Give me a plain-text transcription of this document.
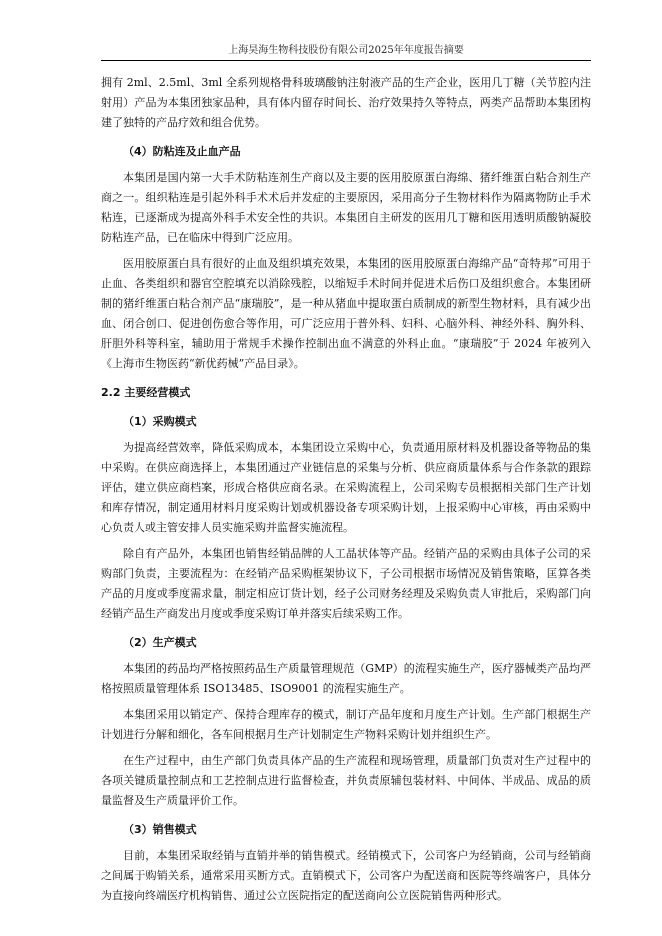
上海昊海生物科技股份有限公司2025年年度报告摘要

拥有 2ml、2.5ml、3ml 全系列规格骨科玻璃酸钠注射液产品的生产企业，医用几丁糖（关节腔内注射用）产品为本集团独家品种，具有体内留存时间长、治疗效果持久等特点，两类产品帮助本集团构建了独特的产品疗效和组合优势。

（4）防粘连及止血产品

本集团是国内第一大手术防粘连剂生产商以及主要的医用胶原蛋白海绵、猪纤维蛋白粘合剂生产商之一。组织粘连是引起外科手术术后并发症的主要原因，采用高分子生物材料作为隔离物防止手术粘连，已逐渐成为提高外科手术安全性的共识。本集团自主研发的医用几丁糖和医用透明质酸钠凝胶防粘连产品，已在临床中得到广泛应用。

医用胶原蛋白具有很好的止血及组织填充效果，本集团的医用胶原蛋白海绵产品“奇特邦”可用于止血、各类组织和器官空腔填充以消除残腔，以缩短手术时间并促进术后伤口及组织愈合。本集团研制的猪纤维蛋白粘合剂产品“康瑞胶”，是一种从猪血中提取蛋白质制成的新型生物材料，具有减少出血、闭合创口、促进创伤愈合等作用，可广泛应用于普外科、妇科、心脑外科、神经外科、胸外科、肝胆外科等科室，辅助用于常规手术操作控制出血不满意的外科止血。“康瑞胶”于 2024 年被列入《上海市生物医药“新优药械”产品目录》。

2.2 主要经营模式
（1）采购模式

为提高经营效率，降低采购成本，本集团设立采购中心，负责通用原材料及机器设备等物品的集中采购。在供应商选择上，本集团通过产业链信息的采集与分析、供应商质量体系与合作条款的跟踪评估，建立供应商档案，形成合格供应商名录。在采购流程上，公司采购专员根据相关部门生产计划和库存情况，制定通用材料月度采购计划或机器设备专项采购计划，上报采购中心审核，再由采购中心负责人或主管安排人员实施采购并监督实施流程。

除自有产品外，本集团也销售经销品牌的人工晶状体等产品。经销产品的采购由具体子公司的采购部门负责，主要流程为：在经销产品采购框架协议下，子公司根据市场情况及销售策略，匡算各类产品的月度或季度需求量，制定相应订货计划，经子公司财务经理及采购负责人审批后，采购部门向经销产品生产商发出月度或季度采购订单并落实后续采购工作。

（2）生产模式

本集团的药品均严格按照药品生产质量管理规范（GMP）的流程实施生产，医疗器械类产品均严格按照质量管理体系 ISO13485、ISO9001 的流程实施生产。

本集团采用以销定产、保持合理库存的模式，制订产品年度和月度生产计划。生产部门根据生产计划进行分解和细化，各车间根据月生产计划制定生产物料采购计划并组织生产。

在生产过程中，由生产部门负责具体产品的生产流程和现场管理，质量部门负责对生产过程中的各项关键质量控制点和工艺控制点进行监督检查，并负责原辅包装材料、中间体、半成品、成品的质量监督及生产质量评价工作。

（3）销售模式

目前，本集团采取经销与直销并举的销售模式。经销模式下，公司客户为经销商，公司与经销商之间属于购销关系，通常采用买断方式。直销模式下，公司客户为配送商和医院等终端客户，具体分为直接向终端医疗机构销售、通过公立医院指定的配送商向公立医院销售两种形式。
